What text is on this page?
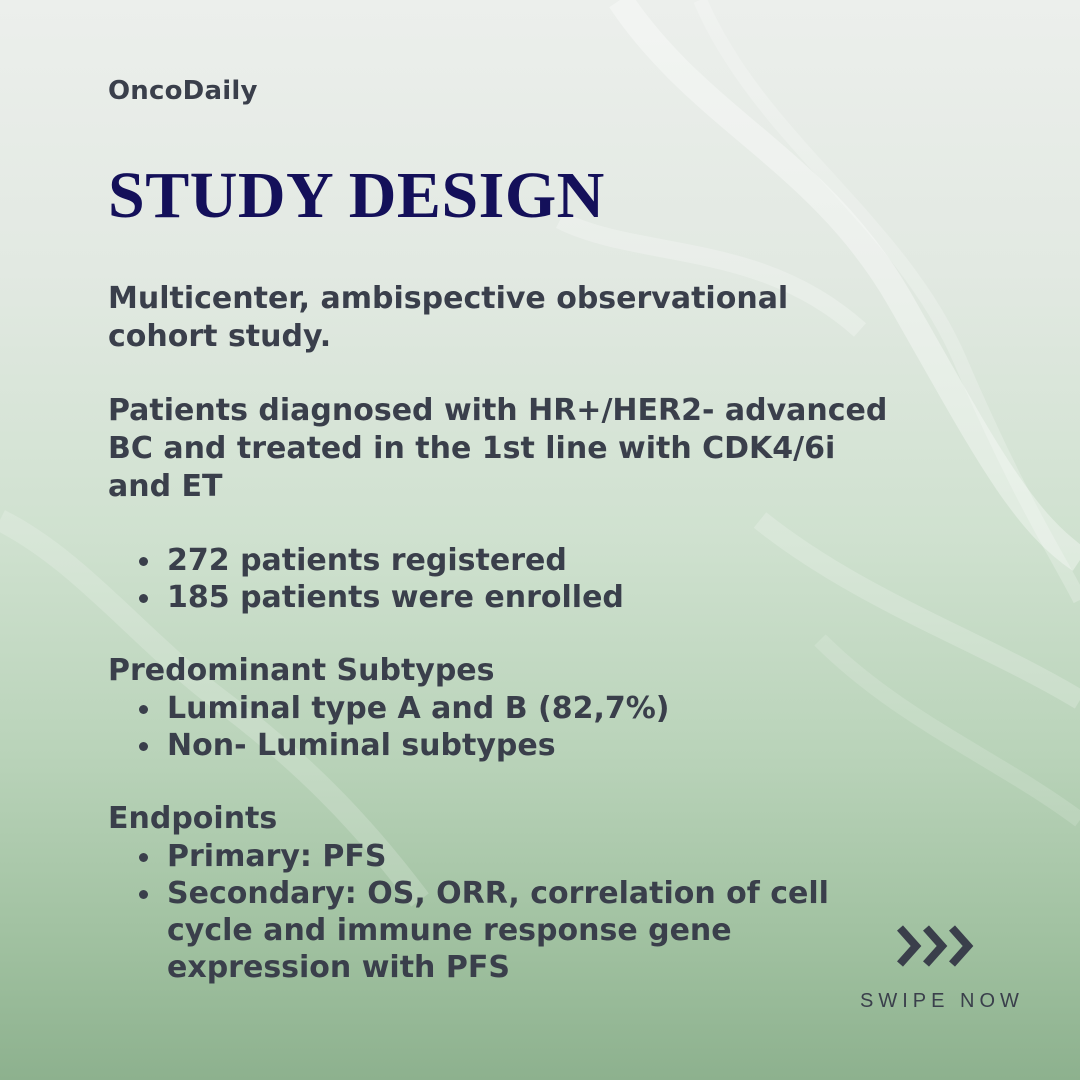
OncoDaily
STUDY DESIGN

Multicenter, ambispective observational cohort study.

Patients diagnosed with HR+/HER2- advanced BC and treated in the 1st line with CDK4/6i and ET

272 patients registered
185 patients were enrolled

Predominant Subtypes

Luminal type A and B (82,7%)
Non- Luminal subtypes

Endpoints

Primary: PFS
Secondary: OS, ORR, correlation of cell cycle and immune response gene expression with PFS
SWIPE NOW
